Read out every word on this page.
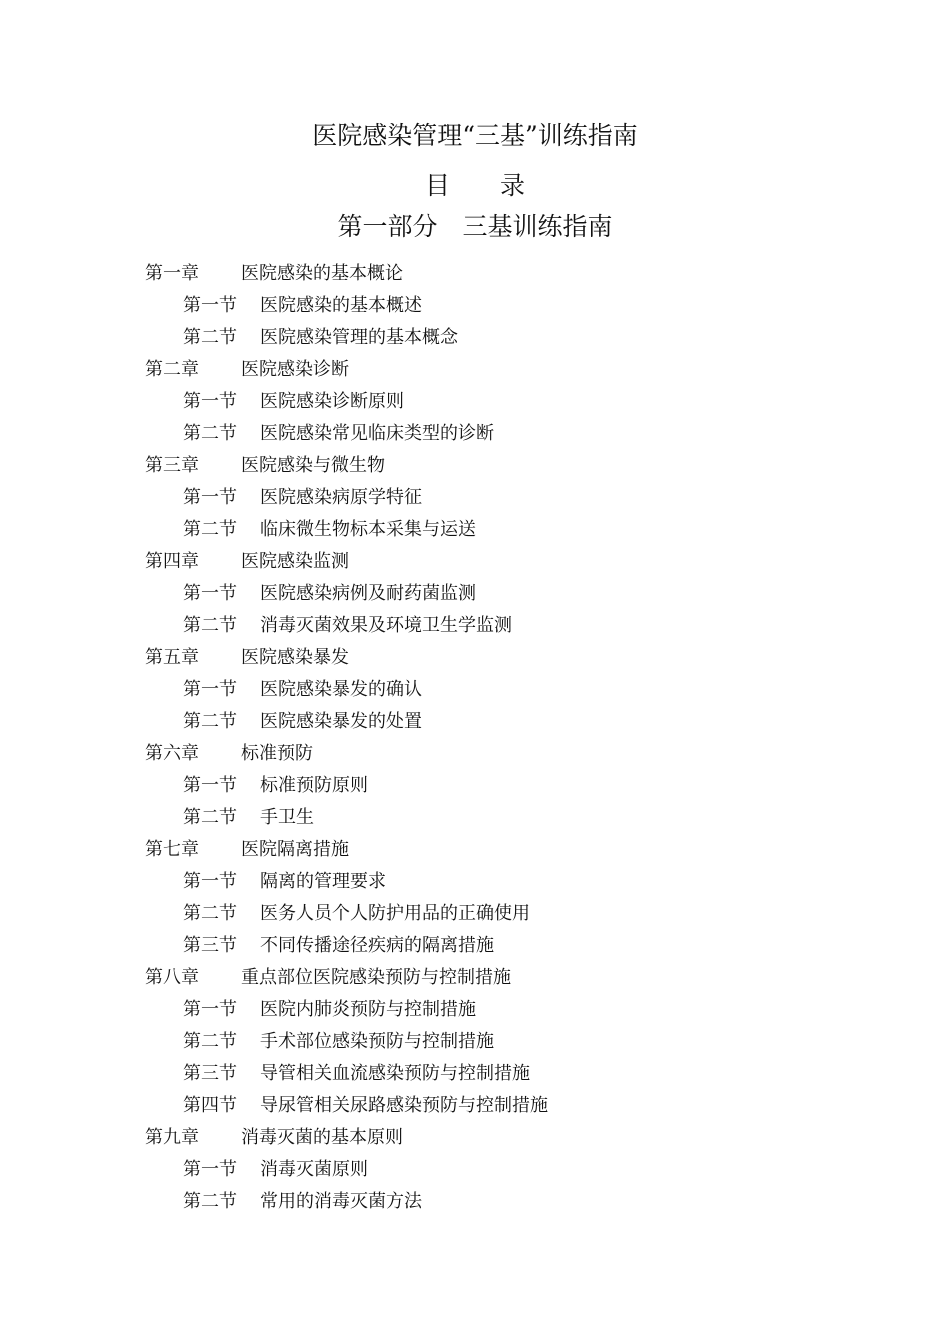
医院感染管理“三基”训练指南
目　　录
第一部分　三基训练指南
第一章 医院感染的基本概论
第一节 医院感染的基本概述
第二节 医院感染管理的基本概念
第二章 医院感染诊断
第一节 医院感染诊断原则
第二节 医院感染常见临床类型的诊断
第三章 医院感染与微生物
第一节 医院感染病原学特征
第二节 临床微生物标本采集与运送
第四章 医院感染监测
第一节 医院感染病例及耐药菌监测
第二节 消毒灭菌效果及环境卫生学监测
第五章 医院感染暴发
第一节 医院感染暴发的确认
第二节 医院感染暴发的处置
第六章 标准预防
第一节 标准预防原则
第二节 手卫生
第七章 医院隔离措施
第一节 隔离的管理要求
第二节 医务人员个人防护用品的正确使用
第三节 不同传播途径疾病的隔离措施
第八章 重点部位医院感染预防与控制措施
第一节 医院内肺炎预防与控制措施
第二节 手术部位感染预防与控制措施
第三节 导管相关血流感染预防与控制措施
第四节 导尿管相关尿路感染预防与控制措施
第九章 消毒灭菌的基本原则
第一节 消毒灭菌原则
第二节 常用的消毒灭菌方法
